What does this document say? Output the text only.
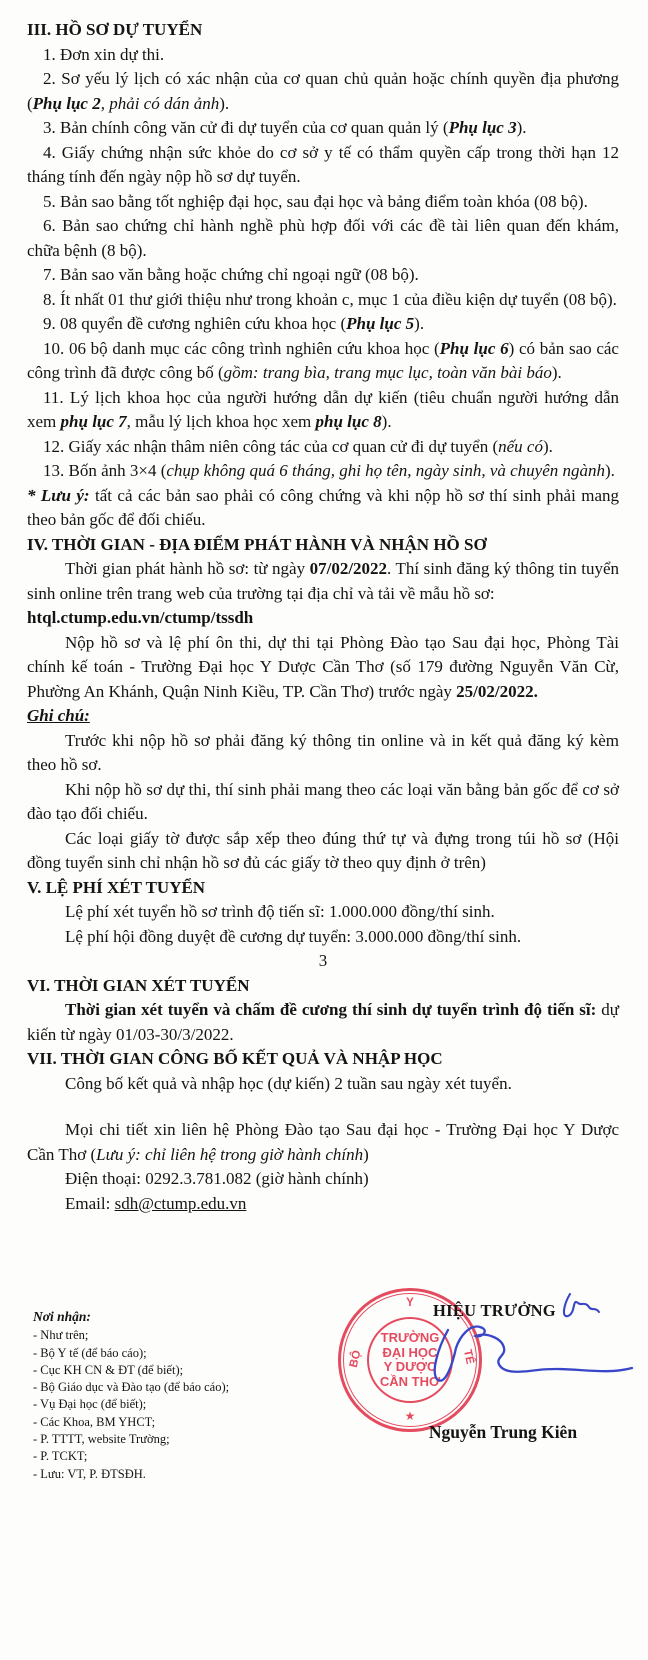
III. HỒ SƠ DỰ TUYỂN

1. Đơn xin dự thi.

2. Sơ yếu lý lịch có xác nhận của cơ quan chủ quản hoặc chính quyền địa phương (Phụ lục 2, phải có dán ảnh).

3. Bản chính công văn cử đi dự tuyển của cơ quan quản lý (Phụ lục 3).

4. Giấy chứng nhận sức khỏe do cơ sở y tế có thẩm quyền cấp trong thời hạn 12 tháng tính đến ngày nộp hồ sơ dự tuyển.

5. Bản sao bằng tốt nghiệp đại học, sau đại học và bảng điểm toàn khóa (08 bộ).

6. Bản sao chứng chỉ hành nghề phù hợp đối với các đề tài liên quan đến khám, chữa bệnh (8 bộ).

7. Bản sao văn bằng hoặc chứng chỉ ngoại ngữ (08 bộ).

8. Ít nhất 01 thư giới thiệu như trong khoản c, mục 1 của điều kiện dự tuyển (08 bộ).

9. 08 quyển đề cương nghiên cứu khoa học (Phụ lục 5).

10. 06 bộ danh mục các công trình nghiên cứu khoa học (Phụ lục 6) có bản sao các công trình đã được công bố (gồm: trang bìa, trang mục lục, toàn văn bài báo).

11. Lý lịch khoa học của người hướng dẫn dự kiến (tiêu chuẩn người hướng dẫn xem phụ lục 7, mẫu lý lịch khoa học xem phụ lục 8).

12. Giấy xác nhận thâm niên công tác của cơ quan cử đi dự tuyển (nếu có).

13. Bốn ảnh 3×4 (chụp không quá 6 tháng, ghi họ tên, ngày sinh, và chuyên ngành).

* Lưu ý: tất cả các bản sao phải có công chứng và khi nộp hồ sơ thí sinh phải mang theo bản gốc để đối chiếu.

IV. THỜI GIAN - ĐỊA ĐIỂM PHÁT HÀNH VÀ NHẬN HỒ SƠ

Thời gian phát hành hồ sơ: từ ngày 07/02/2022. Thí sinh đăng ký thông tin tuyển sinh online trên trang web của trường tại địa chỉ và tải về mẫu hồ sơ:

htql.ctump.edu.vn/ctump/tssdh

Nộp hồ sơ và lệ phí ôn thi, dự thi tại Phòng Đào tạo Sau đại học, Phòng Tài chính kế toán - Trường Đại học Y Dược Cần Thơ (số 179 đường Nguyễn Văn Cừ, Phường An Khánh, Quận Ninh Kiều, TP. Cần Thơ) trước ngày 25/02/2022.

Ghi chú:

Trước khi nộp hồ sơ phải đăng ký thông tin online và in kết quả đăng ký kèm theo hồ sơ.

Khi nộp hồ sơ dự thi, thí sinh phải mang theo các loại văn bằng bản gốc để cơ sở đào tạo đối chiếu.

Các loại giấy tờ được sắp xếp theo đúng thứ tự và đựng trong túi hồ sơ (Hội đồng tuyển sinh chỉ nhận hồ sơ đủ các giấy tờ theo quy định ở trên)

V. LỆ PHÍ XÉT TUYỂN

Lệ phí xét tuyển hồ sơ trình độ tiến sĩ: 1.000.000 đồng/thí sinh.

Lệ phí hội đồng duyệt đề cương dự tuyển: 3.000.000 đồng/thí sinh.

3

VI. THỜI GIAN XÉT TUYỂN

Thời gian xét tuyển và chấm đề cương thí sinh dự tuyển trình độ tiến sĩ: dự kiến từ ngày 01/03-30/3/2022.

VII. THỜI GIAN CÔNG BỐ KẾT QUẢ VÀ NHẬP HỌC

Công bố kết quả và nhập học (dự kiến) 2 tuần sau ngày xét tuyển.

Mọi chi tiết xin liên hệ Phòng Đào tạo Sau đại học - Trường Đại học Y Dược Cần Thơ (Lưu ý: chỉ liên hệ trong giờ hành chính)

Điện thoại: 0292.3.781.082 (giờ hành chính)

Email: sdh@ctump.edu.vn

Nơi nhận:
- Như trên;
- Bộ Y tế (để báo cáo);
- Cục KH CN & ĐT (để biết);
- Bộ Giáo dục và Đào tạo (để báo cáo);
- Vụ Đại học (để biết);
- Các Khoa, BM YHCT;
- P. TTTT, website Trường;
- P. TCKT;
- Lưu: VT, P. ĐTSĐH.
Y
BỘ	TẾ
★
TRƯỜNG
ĐẠI HỌC
Y DƯỢC
CẦN THƠ
HIỆU TRƯỞNG
Nguyễn Trung Kiên
